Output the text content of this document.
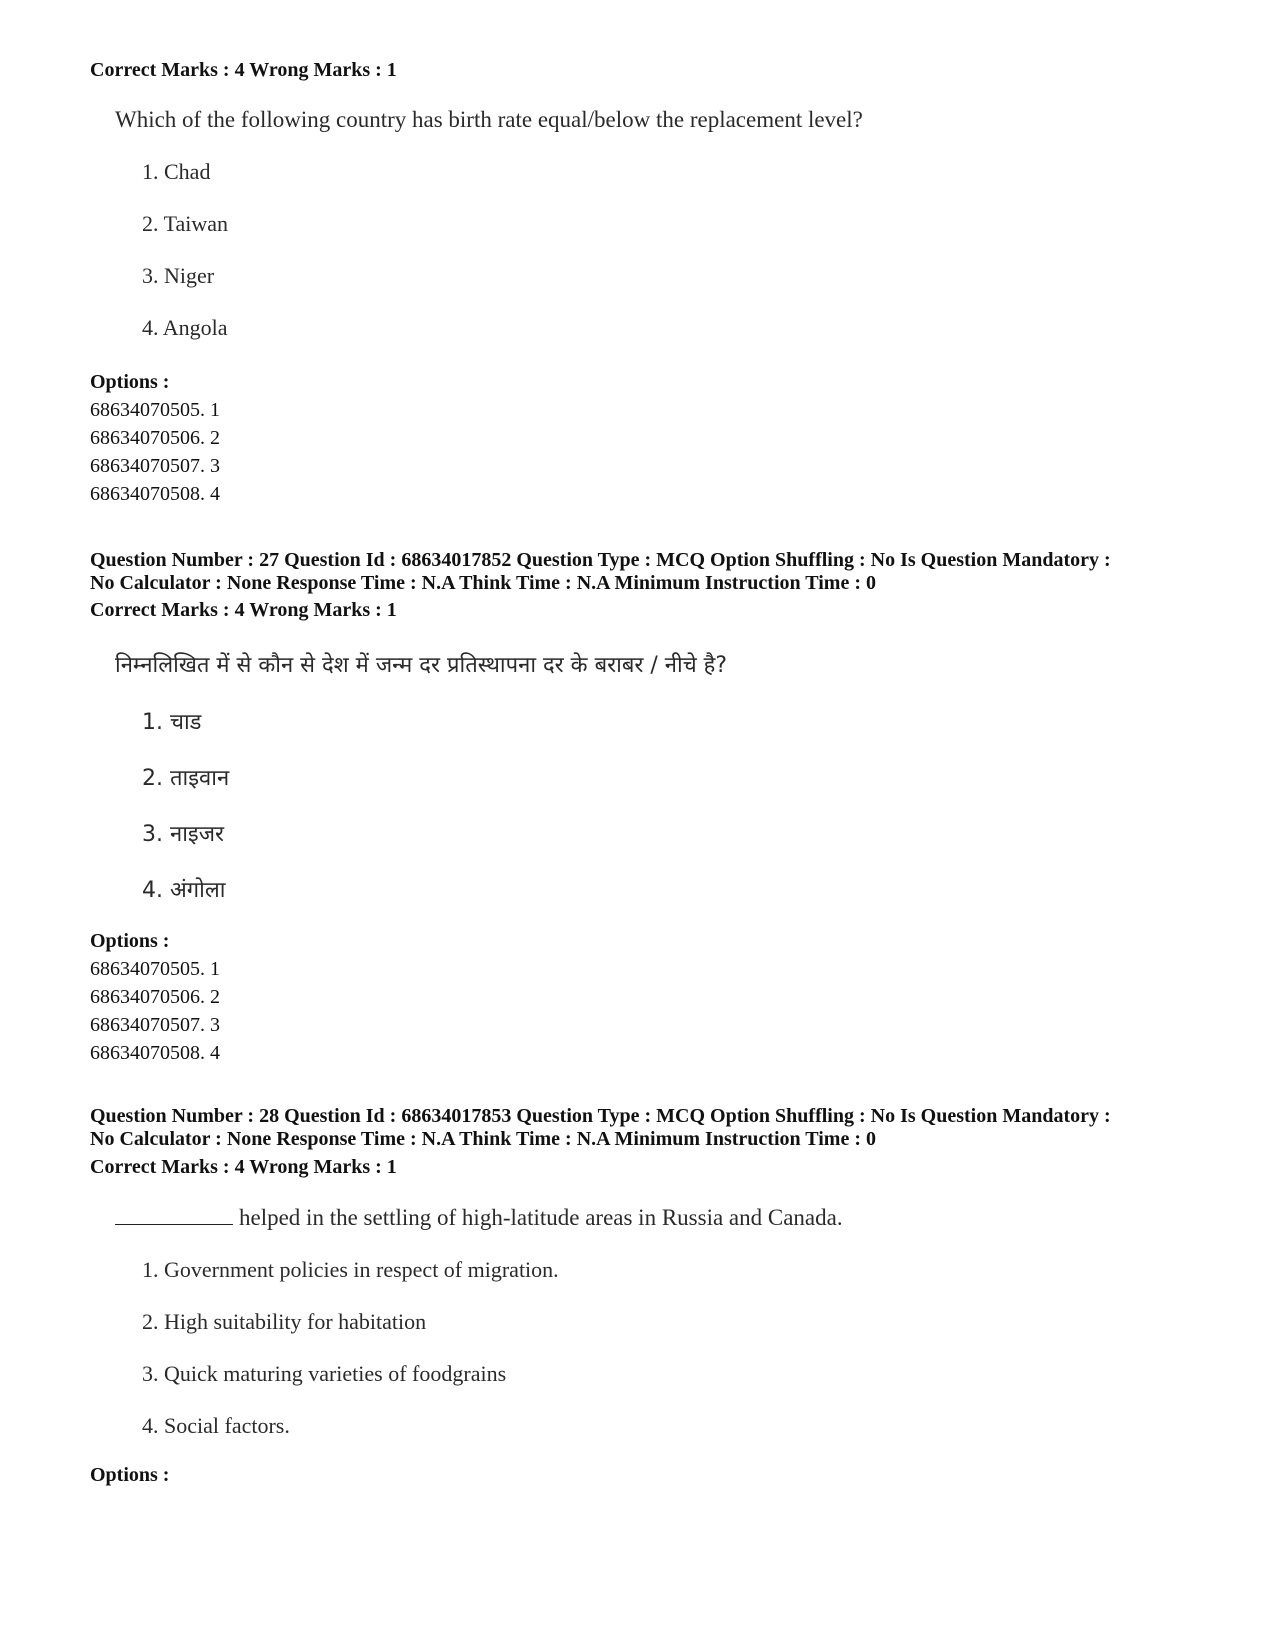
Correct Marks : 4 Wrong Marks : 1
Which of the following country has birth rate equal/below the replacement level?
1. Chad
2. Taiwan
3. Niger
4. Angola
Options :
68634070505. 1
68634070506. 2
68634070507. 3
68634070508. 4
Question Number : 27 Question Id : 68634017852 Question Type : MCQ Option Shuffling : No Is Question Mandatory :
No Calculator : None Response Time : N.A Think Time : N.A Minimum Instruction Time : 0
Correct Marks : 4 Wrong Marks : 1
निम्नलिखित में से कौन से देश में जन्म दर प्रतिस्थापना दर के बराबर / नीचे है?
1. चाड
2. ताइवान
3. नाइजर
4. अंगोला
Options :
68634070505. 1
68634070506. 2
68634070507. 3
68634070508. 4
Question Number : 28 Question Id : 68634017853 Question Type : MCQ Option Shuffling : No Is Question Mandatory :
No Calculator : None Response Time : N.A Think Time : N.A Minimum Instruction Time : 0
Correct Marks : 4 Wrong Marks : 1
helped in the settling of high-latitude areas in Russia and Canada.
1. Government policies in respect of migration.
2. High suitability for habitation
3. Quick maturing varieties of foodgrains
4. Social factors.
Options :
